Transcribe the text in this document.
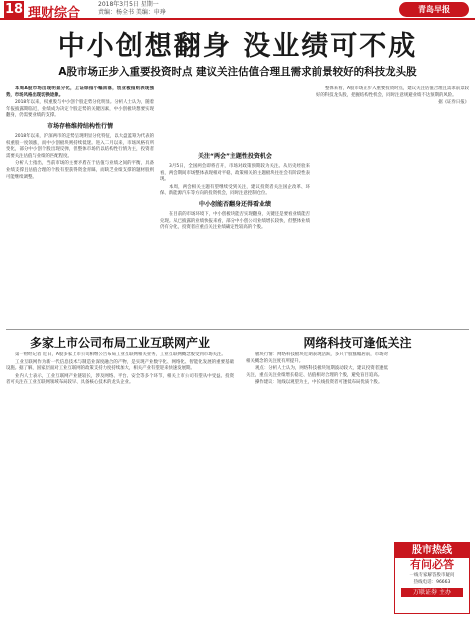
18 理财综合
2018年3月5日 星期一
责编：杨全书 美编：申琤	青岛早报
中小创想翻身 没业绩可不成
A股市场正步入重要投资时点 建议关注估值合理且需求前景较好的科技龙头股

本周A股市场出现明显分化，上证综指小幅回落，创业板指则表现强势，市场风格出现切换迹象。

2018年以来，权重股与中小创个股走势分化明显。分析人士认为，随着年报披露期临近，业绩成为决定个股走势的关键因素，中小创板块想要实现翻身，仍需要业绩的支撑。

市场存格维持结构性行情

2018年以来，沪深两市的走势呈现明显分化特征，以大盘蓝筹为代表的权重股一度领涨，而中小创板块则持续低迷。进入二月以来，市场风格有所变化，部分中小创个股出现反弹，但整体市场仍以结构性行情为主，投资者需要关注估值与业绩的匹配程度。

分析人士指出，当前市场的主要矛盾在于估值与业绩之间的平衡，具备业绩支撑且估值合理的个股有望获得资金青睐，而缺乏业绩支撑的题材股则可能继续调整。

关注“两会”主题性投资机会

3月5日，全国两会即将召开，市场对政策预期较为关注。从历史经验来看，两会期间市场整体表现相对平稳，政策相关的主题板块往往会有阶段性表现。

本周，两会相关主题有望继续受到关注，建议投资者关注国企改革、环保、新能源汽车等方向的投资机会，同时注意控制仓位。

中小创能否翻身还得看业绩

在目前的市场环境下，中小创板块能否实现翻身，关键还是要看业绩能否兑现。从已披露的业绩快报来看，部分中小创公司业绩增长较快，但整体业绩仍有分化，投资者应重点关注业绩确定性较高的个股。

整体来看，A股市场正步入重要投资时点，建议关注估值合理且需求前景较好的科技龙头股，把握结构性机会，同时注意规避业绩不达预期的风险。

据《证券日报》

多家上市公司布局工业互联网产业	网络科技可逢低关注

第一财经记者 近日，A股多家上市公司相继公告布局工业互联网相关业务，工业互联网概念股受到市场关注。

工业互联网作为新一代信息技术与制造业深度融合的产物，是实现产业数字化、网络化、智能化发展的重要基础设施。据了解，国家层面对工业互联网的政策支持力度持续加大，相关产业有望迎来快速发展期。

业内人士表示，工业互联网产业链较长，涉及网络、平台、安全等多个环节，相关上市公司有望从中受益。投资者可关注在工业互联网领域布局较早、具备核心技术的龙头企业。

板块行情：网络科技板块近期表现活跃，多只个股涨幅居前，市场对相关概念的关注度有所提升。

观点：分析人士认为，网络科技板块短期波动较大，建议投资者逢低关注，重点关注业绩增长稳定、估值相对合理的个股，避免盲目追高。

操作建议：短线以观望为主，中长线投资者可逢低布局优质个股。

股市热线
有问必答
一线专家解答股市疑问
热线电话：96663
万联证券 主办
